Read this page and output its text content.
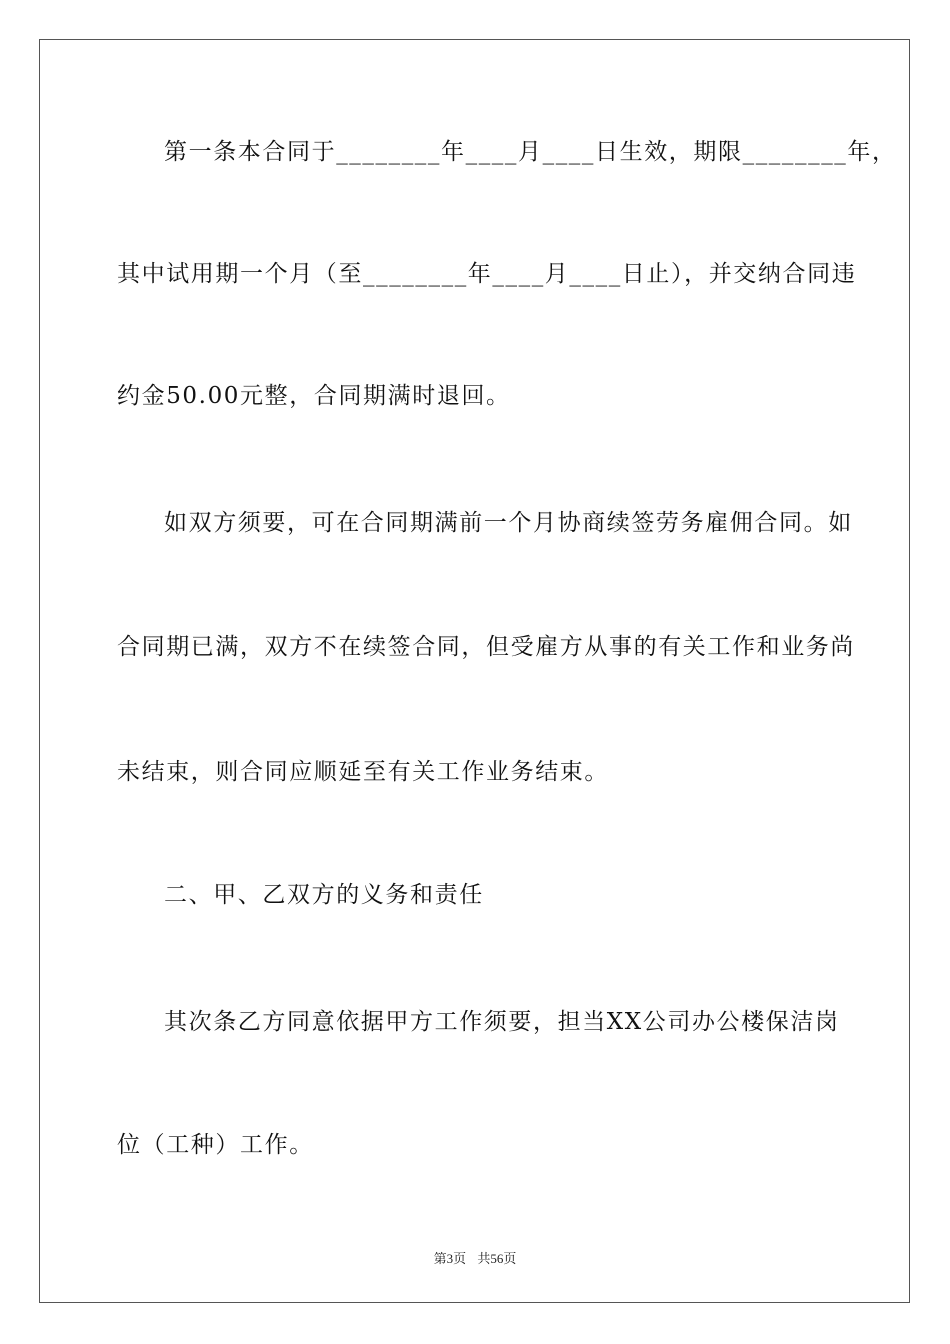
第一条本合同于________年____月____日生效，期限________年，
其中试用期一个月（至________年____月____日止），并交纳合同违
约金50.00元整，合同期满时退回。
如双方须要，可在合同期满前一个月协商续签劳务雇佣合同。如
合同期已满，双方不在续签合同，但受雇方从事的有关工作和业务尚
未结束，则合同应顺延至有关工作业务结束。
二、甲、乙双方的义务和责任
其次条乙方同意依据甲方工作须要，担当XX公司办公楼保洁岗
位（工种）工作。
第3页 共56页
